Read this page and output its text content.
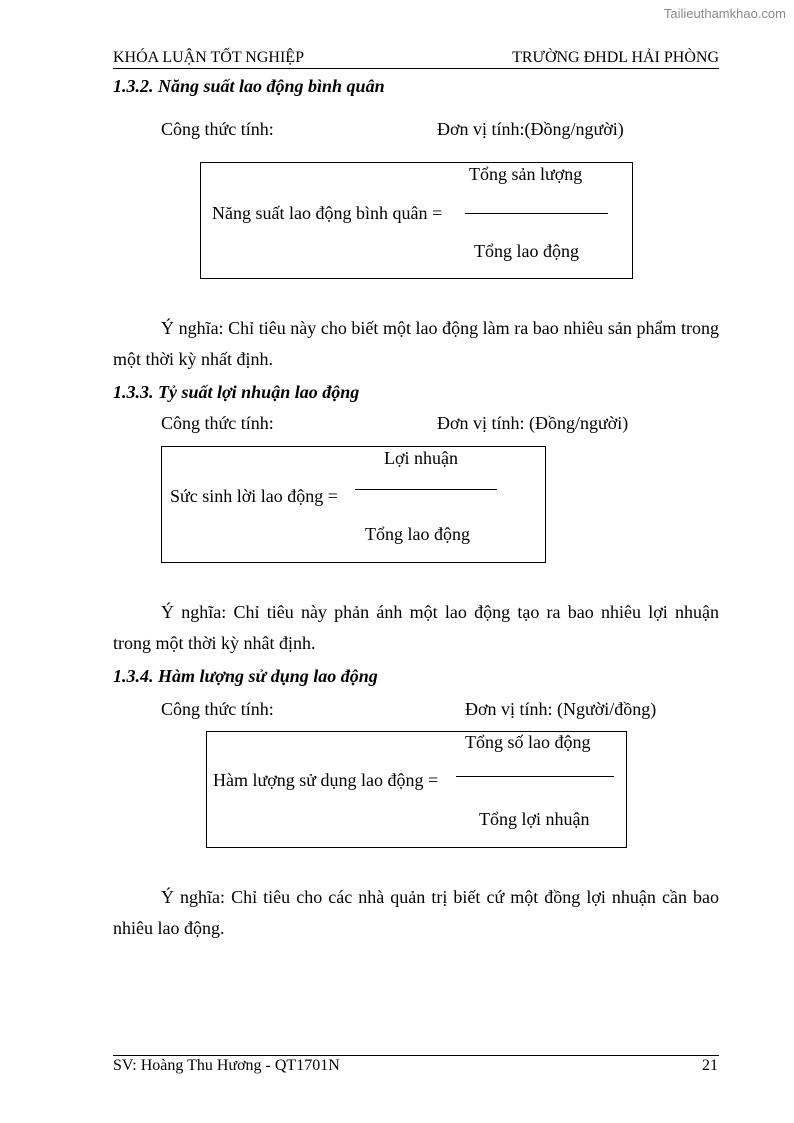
Tailieuthamkhao.com
KHÓA LUẬN TỐT NGHIỆP	TRƯỜNG ĐHDL HẢI PHÒNG
1.3.2. Năng suất lao động bình quân
Công thức tính:	Đơn vị tính:(Đồng/người)
Tổng sản lượng
Năng suất lao động bình quân =
Tổng lao động
Ý nghĩa: Chỉ tiêu này cho biết một lao động làm ra bao nhiêu sản phẩm trong một thời kỳ nhất định.
1.3.3. Tỷ suất lợi nhuận lao động
Công thức tính:	Đơn vị tính: (Đồng/người)
Lợi nhuận
Sức sinh lời lao động =
Tổng lao động
Ý nghĩa: Chỉ tiêu này phản ánh một lao động tạo ra bao nhiêu lợi nhuận trong một thời kỳ nhât định.
1.3.4. Hàm lượng sử dụng lao động
Công thức tính:	Đơn vị tính: (Người/đồng)
Tổng số lao động
Hàm lượng sử dụng lao động =
Tổng lợi nhuận
Ý nghĩa: Chỉ tiêu cho các nhà quản trị biết cứ một đồng lợi nhuận cần bao nhiêu lao động.
SV: Hoàng Thu Hương - QT1701N	21
